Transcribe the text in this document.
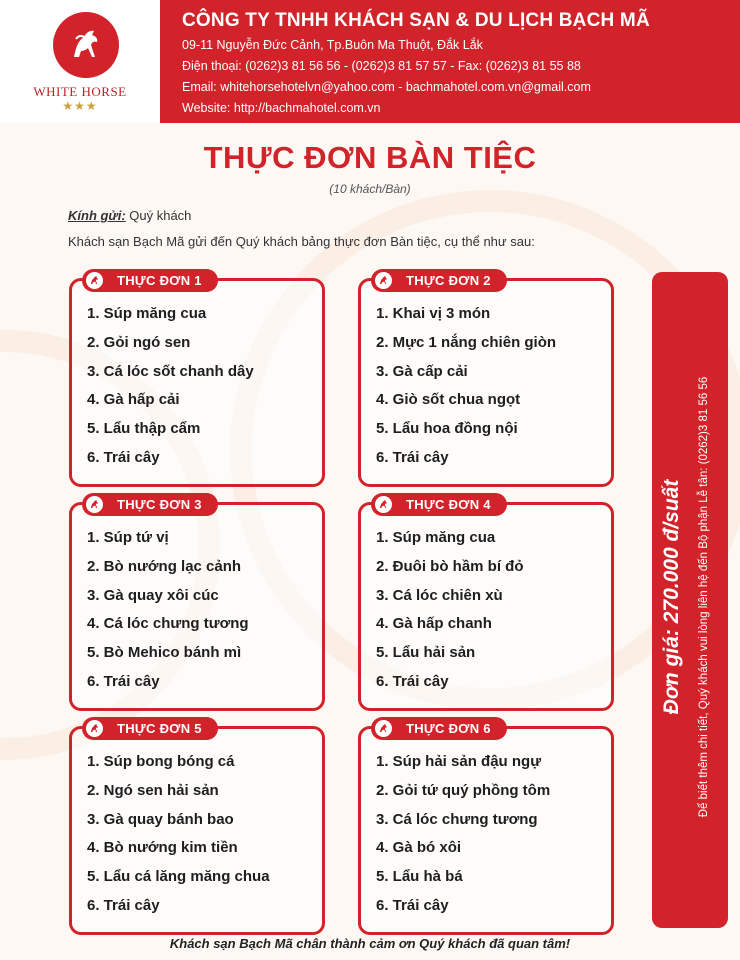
WHITE HORSE
★★★
CÔNG TY TNHH KHÁCH SẠN & DU LỊCH BẠCH MÃ
09-11 Nguyễn Đức Cảnh, Tp.Buôn Ma Thuột, Đắk Lắk
Điện thoại: (0262)3 81 56 56 - (0262)3 81 57 57 - Fax: (0262)3 81 55 88
Email: whitehorsehotelvn@yahoo.com - bachmahotel.com.vn@gmail.com
Website: http://bachmahotel.com.vn
THỰC ĐƠN BÀN TIỆC
(10 khách/Bàn)
Kính gửi: Quý khách
Khách sạn Bạch Mã gửi đến Quý khách bảng thực đơn Bàn tiệc, cụ thể như sau:
THỰC ĐƠN 1
1. Súp măng cua
2. Gỏi ngó sen
3. Cá lóc sốt chanh dây
4. Gà hấp cải
5. Lẩu thập cẩm
6. Trái cây
THỰC ĐƠN 2
1. Khai vị 3 món
2. Mực 1 nắng chiên giòn
3. Gà cấp cải
4. Giò sốt chua ngọt
5. Lẩu hoa đồng nội
6. Trái cây
THỰC ĐƠN 3
1. Súp tứ vị
2. Bò nướng lạc cảnh
3. Gà quay xôi cúc
4. Cá lóc chưng tương
5. Bò Mehico bánh mì
6. Trái cây
THỰC ĐƠN 4
1. Súp măng cua
2. Đuôi bò hầm bí đỏ
3. Cá lóc chiên xù
4. Gà hấp chanh
5. Lẩu hải sản
6. Trái cây
THỰC ĐƠN 5
1. Súp bong bóng cá
2. Ngó sen hải sản
3. Gà quay bánh bao
4. Bò nướng kim tiền
5. Lẩu cá lăng măng chua
6. Trái cây
THỰC ĐƠN 6
1. Súp hải sản đậu ngự
2. Gỏi tứ quý phồng tôm
3. Cá lóc chưng tương
4. Gà bó xôi
5. Lẩu hà bá
6. Trái cây
Đơn giá: 270.000 đ/suất Để biết thêm chi tiết, Quý khách vui lòng liên hệ đến Bộ phận Lễ tân: (0262)3 81 56 56
Khách sạn Bạch Mã chân thành cảm ơn Quý khách đã quan tâm!
